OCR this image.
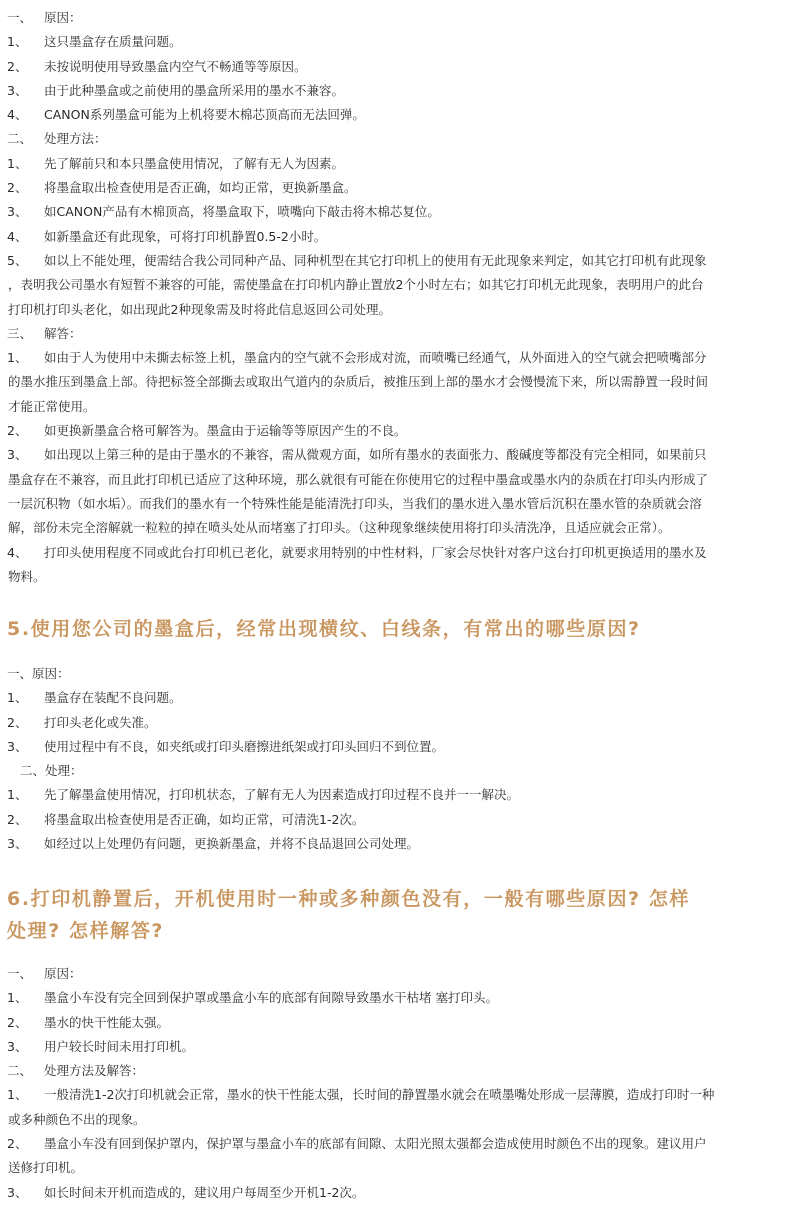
一、 原因：
1、 这只墨盒存在质量问题。
2、 未按说明使用导致墨盒内空气不畅通等等原因。
3、 由于此种墨盒或之前使用的墨盒所采用的墨水不兼容。
4、 CANON系列墨盒可能为上机将要木棉芯顶高而无法回弹。
二、 处理方法：
1、 先了解前只和本只墨盒使用情况，了解有无人为因素。
2、 将墨盒取出检查使用是否正确，如均正常，更换新墨盒。
3、 如CANON产品有木棉顶高，将墨盒取下，喷嘴向下敲击将木棉芯复位。
4、 如新墨盒还有此现象，可将打印机静置0.5-2小时。
5、 如以上不能处理，便需结合我公司同种产品、同种机型在其它打印机上的使用有无此现象来判定，如其它打印机有此现象
，表明我公司墨水有短暂不兼容的可能，需使墨盒在打印机内静止置放2个小时左右；如其它打印机无此现象，表明用户的此台
打印机打印头老化，如出现此2种现象需及时将此信息返回公司处理。
三、 解答：
1、 如由于人为使用中未撕去标签上机，墨盒内的空气就不会形成对流，而喷嘴已经通气，从外面进入的空气就会把喷嘴部分
的墨水推压到墨盒上部。待把标签全部撕去或取出气道内的杂质后，被推压到上部的墨水才会慢慢流下来，所以需静置一段时间
才能正常使用。
2、 如更换新墨盒合格可解答为。墨盒由于运输等等原因产生的不良。
3、 如出现以上第三种的是由于墨水的不兼容，需从微观方面，如所有墨水的表面张力、酸碱度等都没有完全相同，如果前只
墨盒存在不兼容，而且此打印机已适应了这种环境，那么就很有可能在你使用它的过程中墨盒或墨水内的杂质在打印头内形成了
一层沉积物（如水垢）。而我们的墨水有一个特殊性能是能清洗打印头，当我们的墨水进入墨水管后沉积在墨水管的杂质就会溶
解，部份未完全溶解就一粒粒的掉在喷头处从而堵塞了打印头。（这种现象继续使用将打印头清洗净，且适应就会正常）。
4、 打印头使用程度不同或此台打印机已老化，就要求用特别的中性材料，厂家会尽快针对客户这台打印机更换适用的墨水及
物料。
5.使用您公司的墨盒后，经常出现横纹、白线条，有常出的哪些原因?
一、原因：
1、 墨盒存在装配不良问题。
2、 打印头老化或失准。
3、 使用过程中有不良，如夹纸或打印头磨擦进纸架或打印头回归不到位置。
二、处理：
1、 先了解墨盒使用情况，打印机状态，了解有无人为因素造成打印过程不良并一一解决。
2、 将墨盒取出检查使用是否正确，如均正常，可清洗1-2次。
3、 如经过以上处理仍有问题，更换新墨盒，并将不良品退回公司处理。
6.打印机静置后，开机使用时一种或多种颜色没有，一般有哪些原因? 怎样
处理? 怎样解答?
一、 原因：
1、 墨盒小车没有完全回到保护罩或墨盒小车的底部有间隙导致墨水干枯堵 塞打印头。
2、 墨水的快干性能太强。
3、 用户较长时间未用打印机。
二、 处理方法及解答：
1、 一般清洗1-2次打印机就会正常，墨水的快干性能太强，长时间的静置墨水就会在喷墨嘴处形成一层薄膜，造成打印时一种
或多种颜色不出的现象。
2、 墨盒小车没有回到保护罩内，保护罩与墨盒小车的底部有间隙、太阳光照太强都会造成使用时颜色不出的现象。建议用户
送修打印机。
3、 如长时间未开机而造成的，建议用户每周至少开机1-2次。
